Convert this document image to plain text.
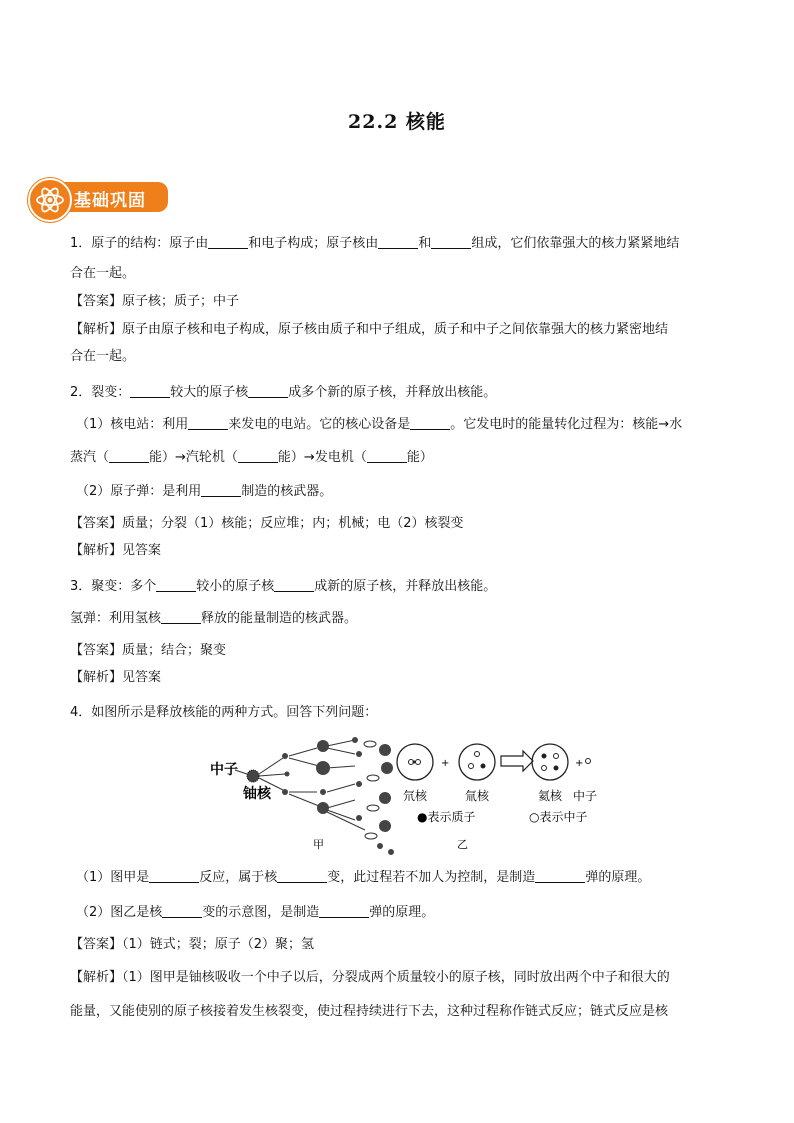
22.2 核能
基础巩固
1．原子的结构：原子由	和电子构成；原子核由	和	组成，它们依靠强大的核力紧紧地结
合在一起。
【答案】原子核；质子；中子
【解析】原子由原子核和电子构成，原子核由质子和中子组成，质子和中子之间依靠强大的核力紧密地结
合在一起。
2．裂变：	较大的原子核	成多个新的原子核，并释放出核能。
（1）核电站：利用	来发电的电站。它的核心设备是	。它发电时的能量转化过程为：核能→水
蒸汽（	能）→汽轮机（	能）→发电机（	能）
（2）原子弹：是利用	制造的核武器。
【答案】质量；分裂（1）核能；反应堆；内；机械；电（2）核裂变
【解析】见答案
3．聚变：多个	较小的原子核	成新的原子核，并释放出核能。
氢弹：利用氢核	释放的能量制造的核武器。
【答案】质量；结合；聚变
【解析】见答案
4．如图所示是释放核能的两种方式。回答下列问题：
中子
铀核
甲
+	+
氘核	氚核	氦核 中子
●表示质子	○表示中子
乙
（1）图甲是	反应，属于核	变，此过程若不加人为控制，是制造	弹的原理。
（2）图乙是核	变的示意图，是制造	弹的原理。
【答案】（1）链式；裂；原子（2）聚；氢
【解析】（1）图甲是铀核吸收一个中子以后，分裂成两个质量较小的原子核，同时放出两个中子和很大的
能量，又能使别的原子核接着发生核裂变，使过程持续进行下去，这种过程称作链式反应；链式反应是核
